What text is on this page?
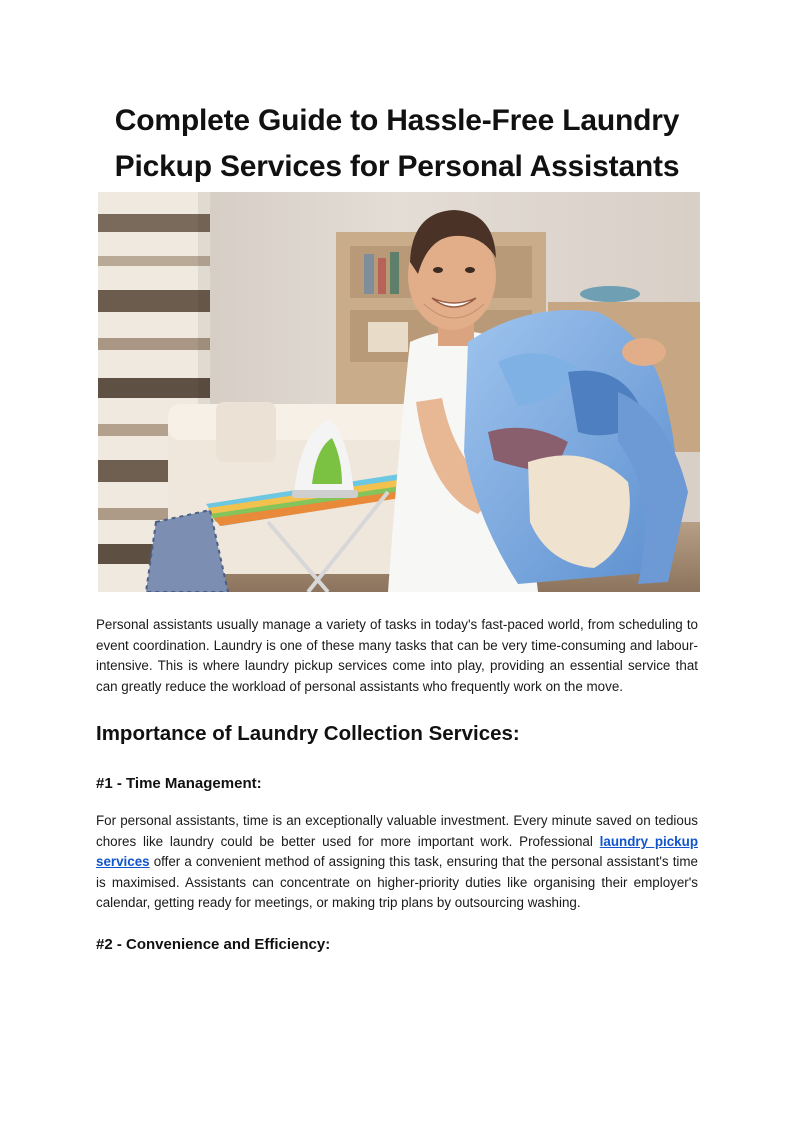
Complete Guide to Hassle-Free Laundry
Pickup Services for Personal Assistants

Personal assistants usually manage a variety of tasks in today's fast-paced world, from scheduling to event coordination. Laundry is one of these many tasks that can be very time-consuming and labour-intensive. This is where laundry pickup services come into play, providing an essential service that can greatly reduce the workload of personal assistants who frequently work on the move.

Importance of Laundry Collection Services:
#1 - Time Management:

For personal assistants, time is an exceptionally valuable investment. Every minute saved on tedious chores like laundry could be better used for more important work. Professional laundry pickup services offer a convenient method of assigning this task, ensuring that the personal assistant's time is maximised. Assistants can concentrate on higher-priority duties like organising their employer's calendar, getting ready for meetings, or making trip plans by outsourcing washing.

#2 - Convenience and Efficiency:
